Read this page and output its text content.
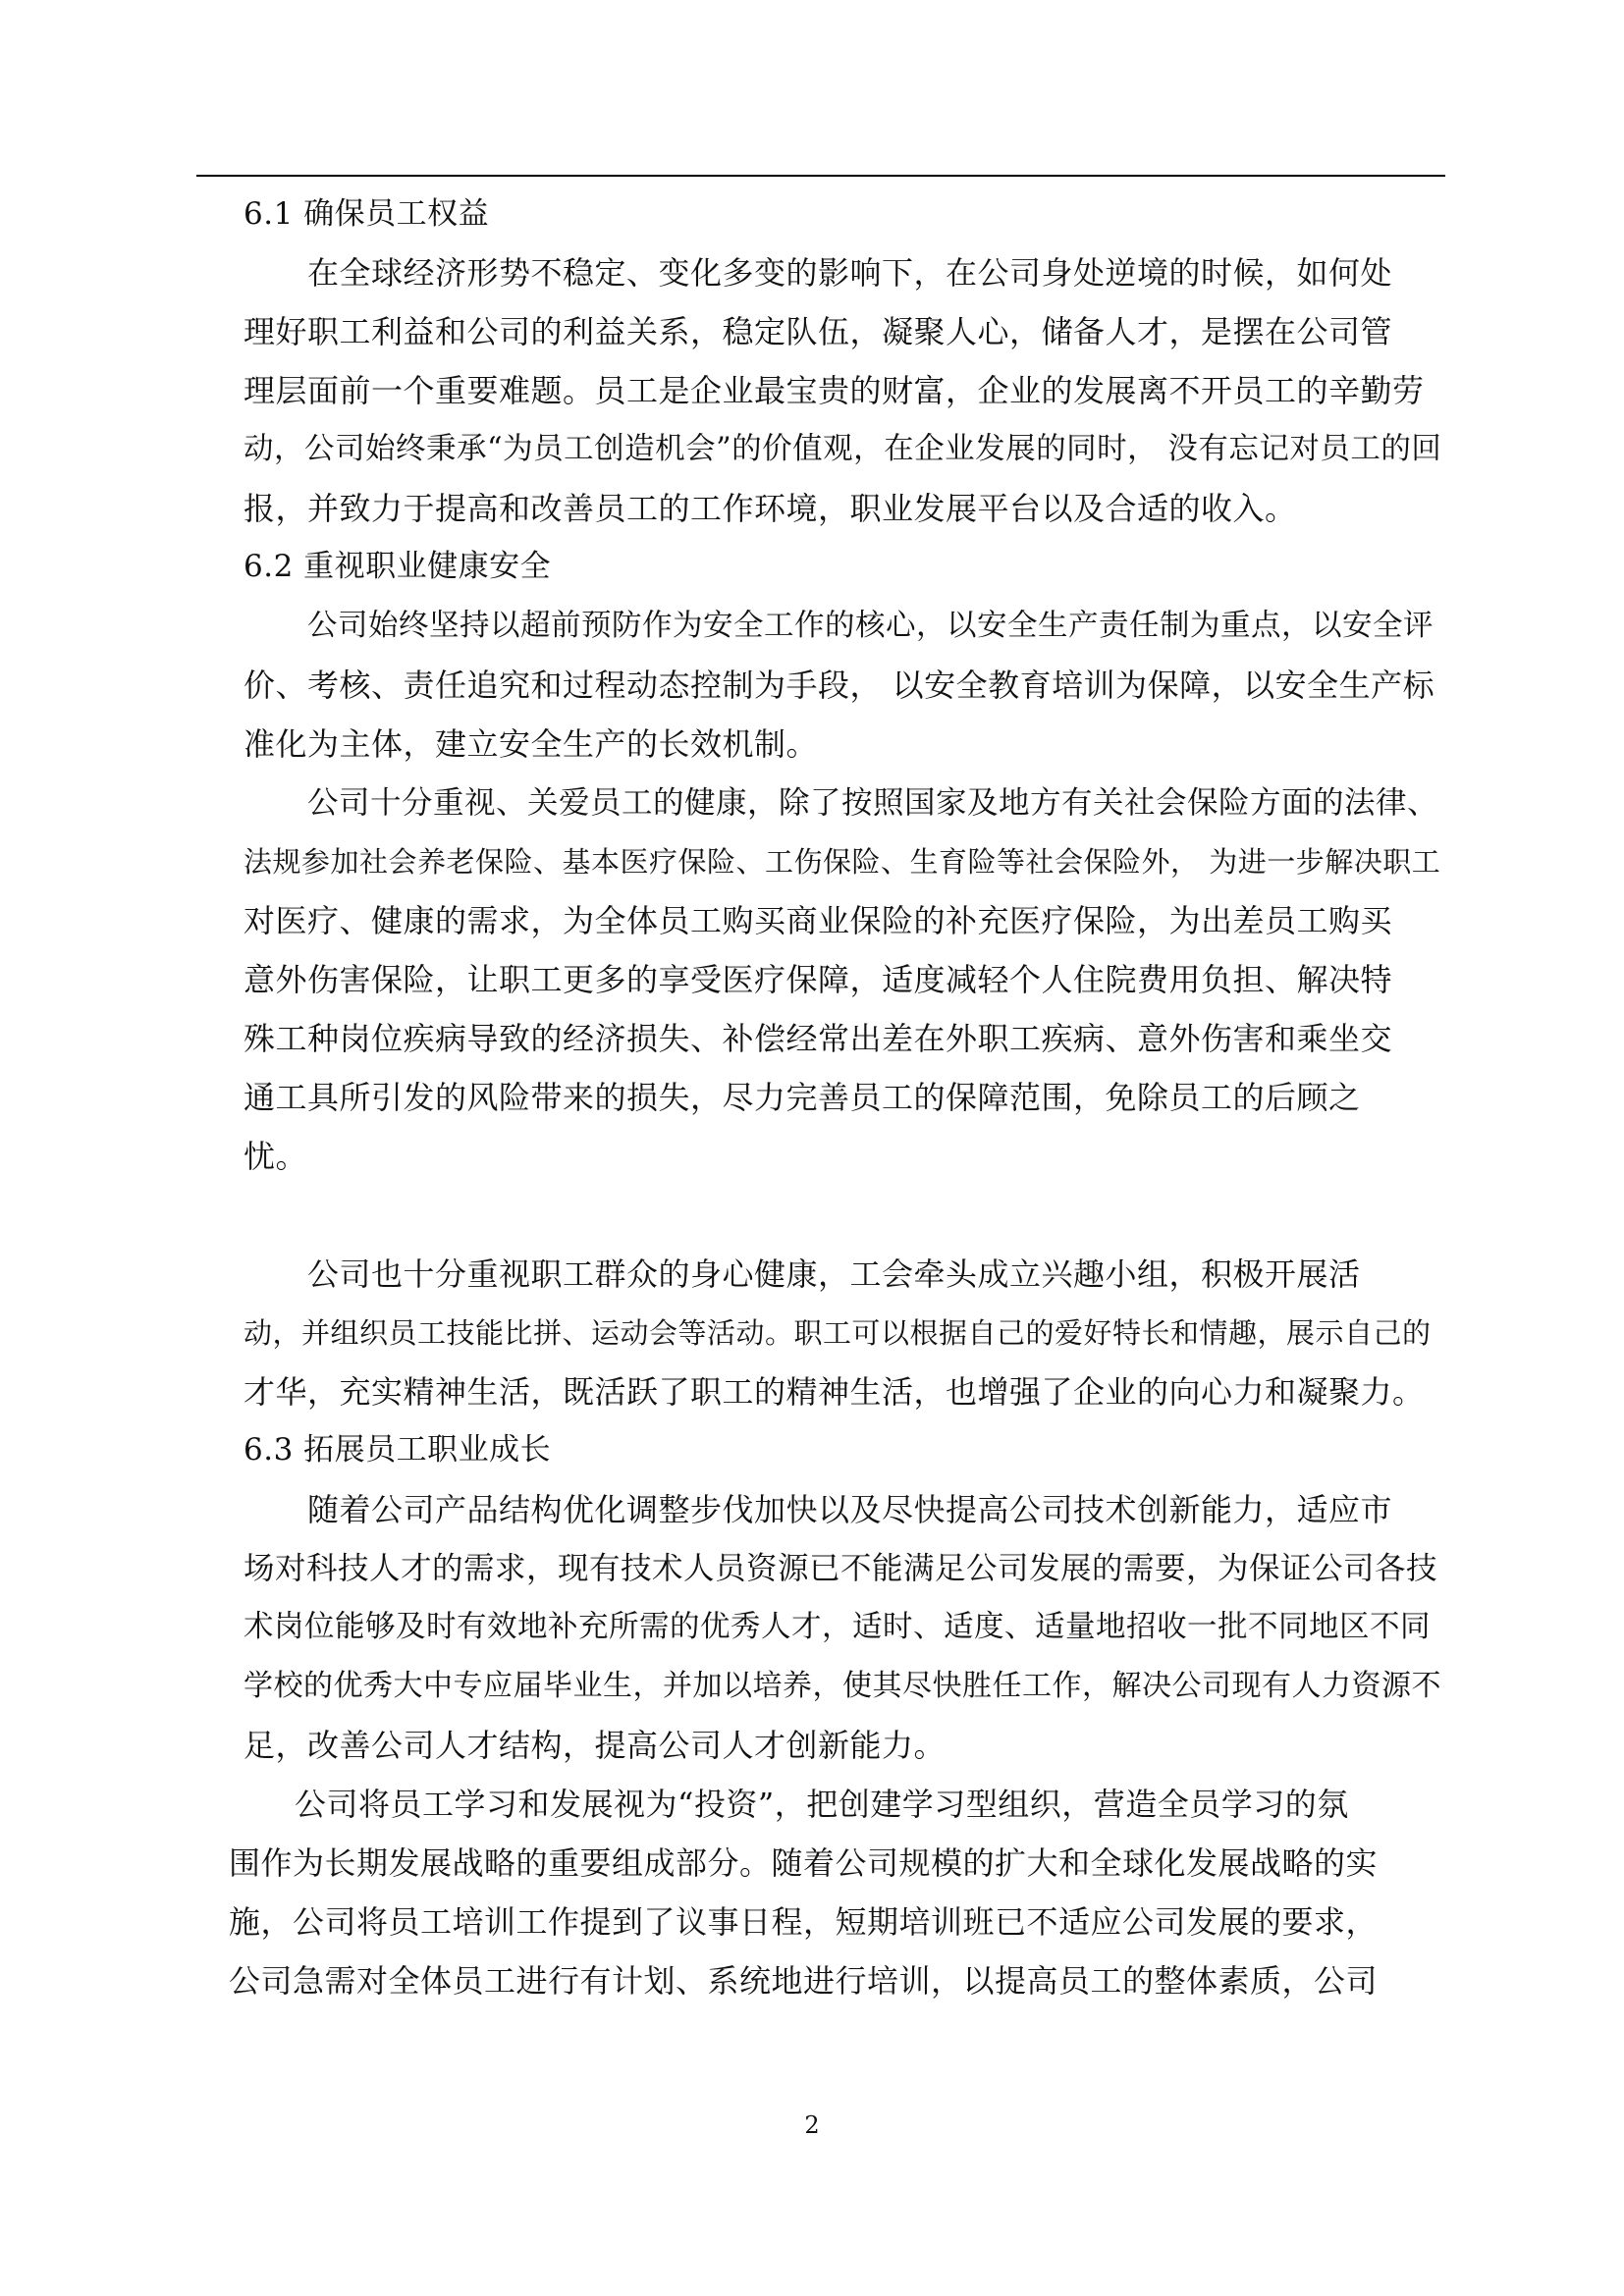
6.1 确保员工权益
在全球经济形势不稳定、变化多变的影响下，在公司身处逆境的时候，如何处
理好职工利益和公司的利益关系，稳定队伍，凝聚人心，储备人才，是摆在公司管
理层面前一个重要难题。员工是企业最宝贵的财富，企业的发展离不开员工的辛勤劳
动，公司始终秉承“为员工创造机会”的价值观，在企业发展的同时， 没有忘记对员工的回
报，并致力于提高和改善员工的工作环境，职业发展平台以及合适的收入。
6.2 重视职业健康安全
公司始终坚持以超前预防作为安全工作的核心，以安全生产责任制为重点，以安全评
价、考核、责任追究和过程动态控制为手段， 以安全教育培训为保障，以安全生产标
准化为主体，建立安全生产的长效机制。
公司十分重视、关爱员工的健康，除了按照国家及地方有关社会保险方面的法律、
法规参加社会养老保险、基本医疗保险、工伤保险、生育险等社会保险外， 为进一步解决职工
对医疗、健康的需求，为全体员工购买商业保险的补充医疗保险，为出差员工购买
意外伤害保险，让职工更多的享受医疗保障，适度减轻个人住院费用负担、解决特
殊工种岗位疾病导致的经济损失、补偿经常出差在外职工疾病、意外伤害和乘坐交
通工具所引发的风险带来的损失，尽力完善员工的保障范围，免除员工的后顾之
忧。
公司也十分重视职工群众的身心健康，工会牵头成立兴趣小组，积极开展活
动，并组织员工技能比拼、运动会等活动。职工可以根据自己的爱好特长和情趣，展示自己的
才华，充实精神生活，既活跃了职工的精神生活，也增强了企业的向心力和凝聚力。
6.3 拓展员工职业成长
随着公司产品结构优化调整步伐加快以及尽快提高公司技术创新能力，适应市
场对科技人才的需求，现有技术人员资源已不能满足公司发展的需要，为保证公司各技
术岗位能够及时有效地补充所需的优秀人才，适时、适度、适量地招收一批不同地区不同
学校的优秀大中专应届毕业生，并加以培养，使其尽快胜任工作，解决公司现有人力资源不
足，改善公司人才结构，提高公司人才创新能力。
公司将员工学习和发展视为“投资”，把创建学习型组织，营造全员学习的氛
围作为长期发展战略的重要组成部分。随着公司规模的扩大和全球化发展战略的实
施，公司将员工培训工作提到了议事日程，短期培训班已不适应公司发展的要求，
公司急需对全体员工进行有计划、系统地进行培训，以提高员工的整体素质，公司
2
